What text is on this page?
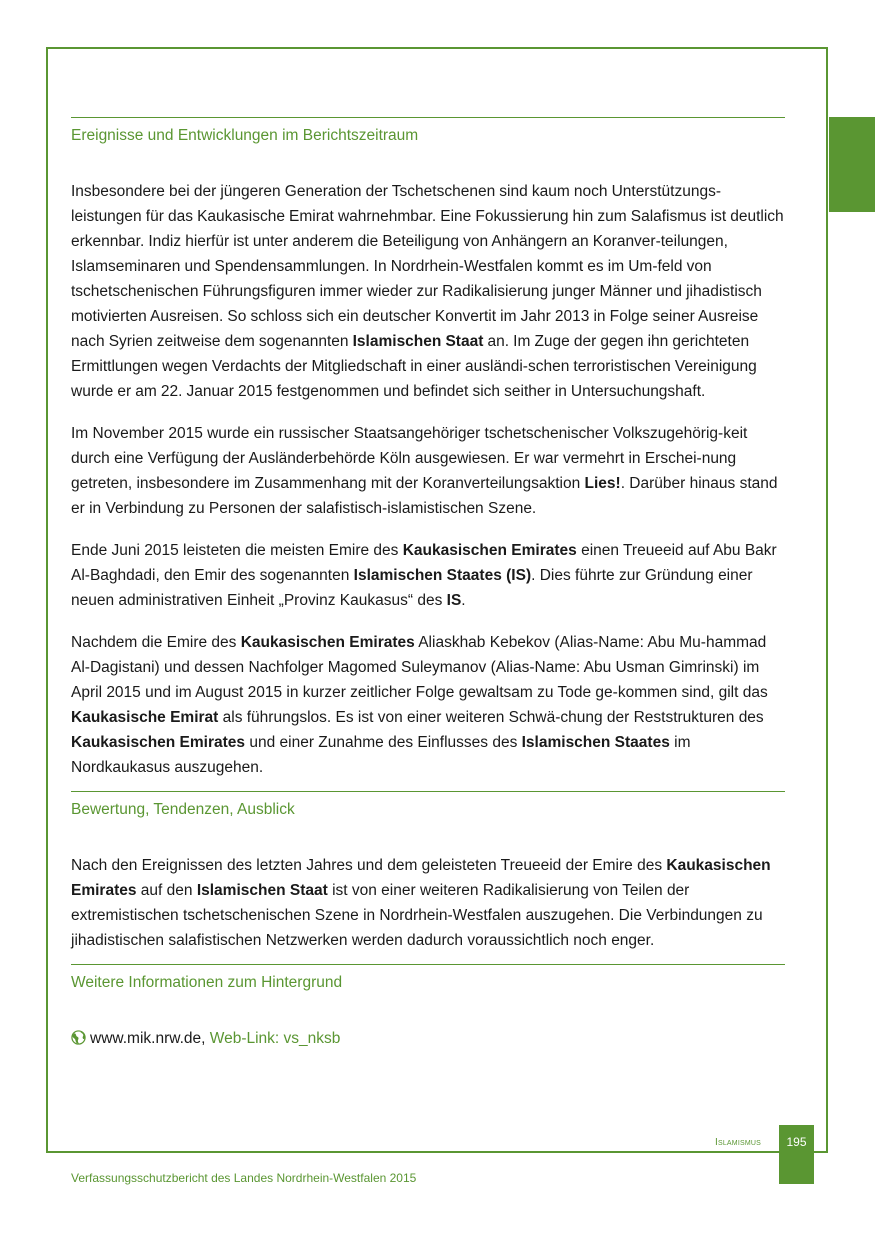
Ereignisse und Entwicklungen im Berichtszeitraum

Insbesondere bei der jüngeren Generation der Tschetschenen sind kaum noch Unterstützungs-leistungen für das Kaukasische Emirat wahrnehmbar. Eine Fokussierung hin zum Salafismus ist deutlich erkennbar. Indiz hierfür ist unter anderem die Beteiligung von Anhängern an Koranver-teilungen, Islamseminaren und Spendensammlungen. In Nordrhein-Westfalen kommt es im Um-feld von tschetschenischen Führungsfiguren immer wieder zur Radikalisierung junger Männer und jihadistisch motivierten Ausreisen. So schloss sich ein deutscher Konvertit im Jahr 2013 in Folge seiner Ausreise nach Syrien zeitweise dem sogenannten Islamischen Staat an. Im Zuge der gegen ihn gerichteten Ermittlungen wegen Verdachts der Mitgliedschaft in einer ausländi-schen terroristischen Vereinigung wurde er am 22. Januar 2015 festgenommen und befindet sich seither in Untersuchungshaft.

Im November 2015 wurde ein russischer Staatsangehöriger tschetschenischer Volkszugehörig-keit durch eine Verfügung der Ausländerbehörde Köln ausgewiesen. Er war vermehrt in Erschei-nung getreten, insbesondere im Zusammenhang mit der Koranverteilungsaktion Lies!. Darüber hinaus stand er in Verbindung zu Personen der salafistisch-islamistischen Szene.

Ende Juni 2015 leisteten die meisten Emire des Kaukasischen Emirates einen Treueeid auf Abu Bakr Al-Baghdadi, den Emir des sogenannten Islamischen Staates (IS). Dies führte zur Gründung einer neuen administrativen Einheit „Provinz Kaukasus“ des IS.

Nachdem die Emire des Kaukasischen Emirates Aliaskhab Kebekov (Alias-Name: Abu Mu-hammad Al-Dagistani) und dessen Nachfolger Magomed Suleymanov (Alias-Name: Abu Usman Gimrinski) im April 2015 und im August 2015 in kurzer zeitlicher Folge gewaltsam zu Tode ge-kommen sind, gilt das Kaukasische Emirat als führungslos. Es ist von einer weiteren Schwä-chung der Reststrukturen des Kaukasischen Emirates und einer Zunahme des Einflusses des Islamischen Staates im Nordkaukasus auszugehen.

Bewertung, Tendenzen, Ausblick

Nach den Ereignissen des letzten Jahres und dem geleisteten Treueeid der Emire des Kaukasischen Emirates auf den Islamischen Staat ist von einer weiteren Radikalisierung von Teilen der extremistischen tschetschenischen Szene in Nordrhein-Westfalen auszugehen. Die Verbindungen zu jihadistischen salafistischen Netzwerken werden dadurch voraussichtlich noch enger.

Weitere Informationen zum Hintergrund
www.mik.nrw.de, Web-Link: vs_nksb
Islamismus	195
Verfassungsschutzbericht des Landes Nordrhein-Westfalen 2015
